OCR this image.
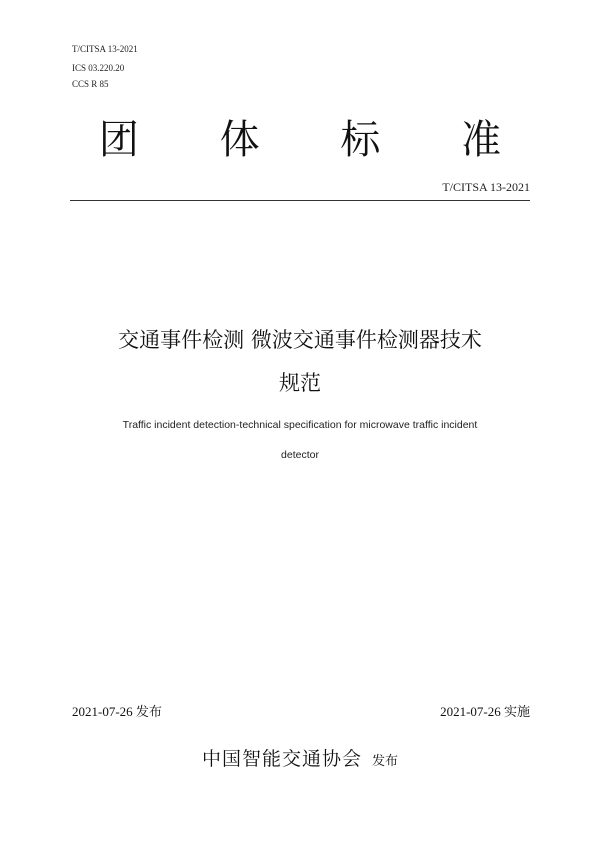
T/CITSA 13-2021
ICS 03.220.20
CCS R 85
团 体 标 准
T/CITSA 13-2021
交通事件检测 微波交通事件检测器技术
规范
Traffic incident detection-technical specification for microwave traffic incident
detector
2021-07-26 发布	2021-07-26 实施
中国智能交通协会 发布
